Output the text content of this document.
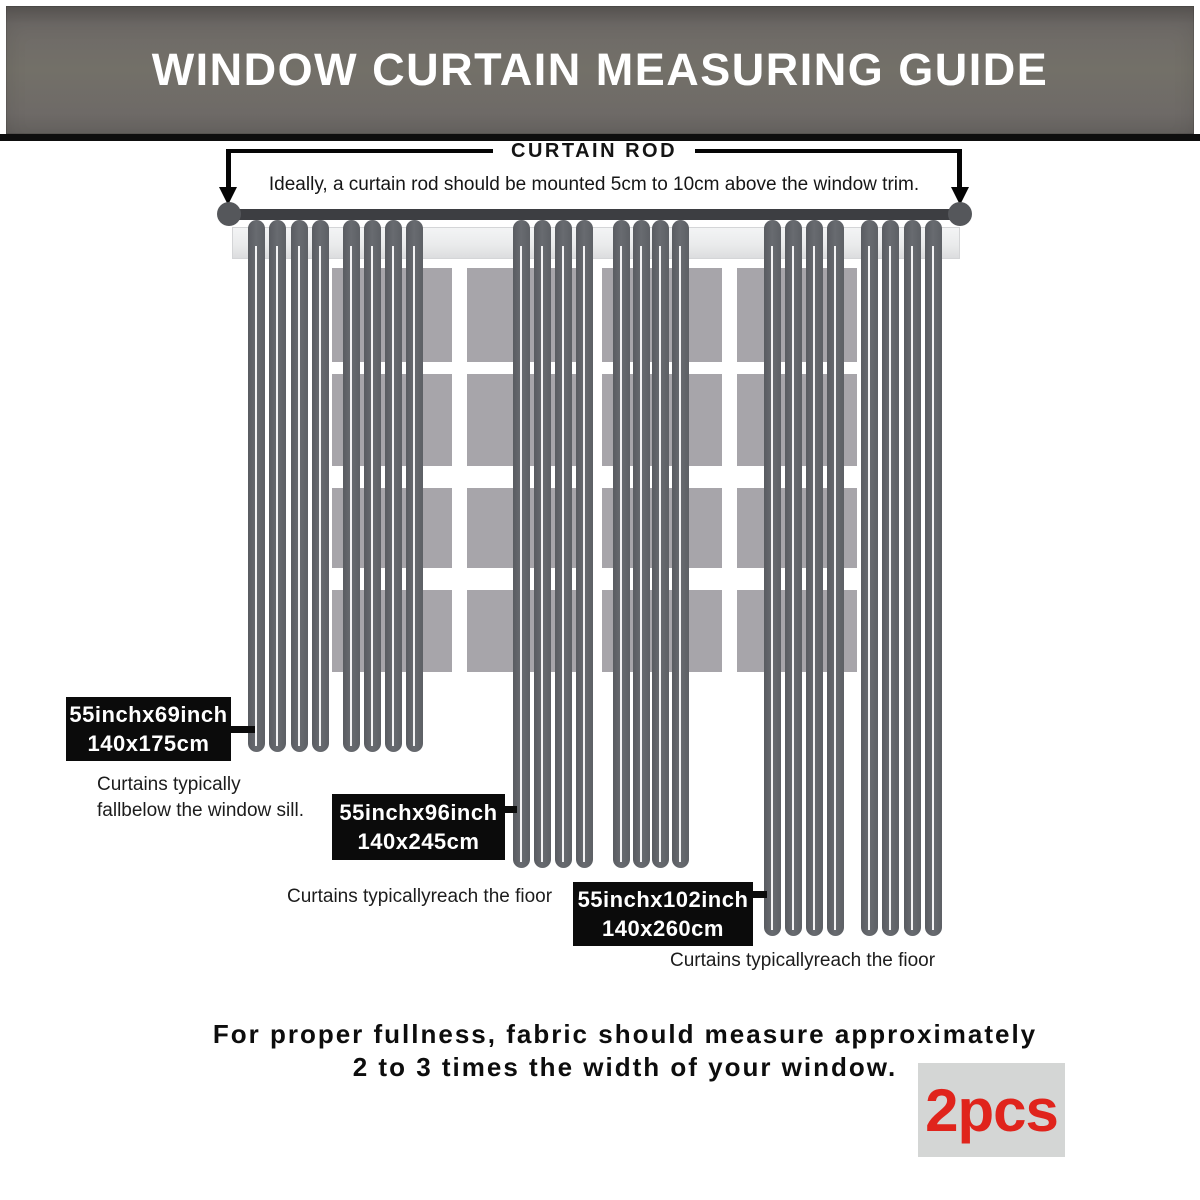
WINDOW CURTAIN MEASURING GUIDE
CURTAIN ROD
Ideally, a curtain rod should be mounted 5cm to 10cm above the window trim.
55inchx69inch
140x175cm
55inchx96inch
140x245cm
55inchx102inch
140x260cm
Curtains typically
fallbelow the window sill.
Curtains typicallyreach the fioor
Curtains typicallyreach the fioor
For proper fullness, fabric should measure approximately
2 to 3 times the width of your window.
2pcs
